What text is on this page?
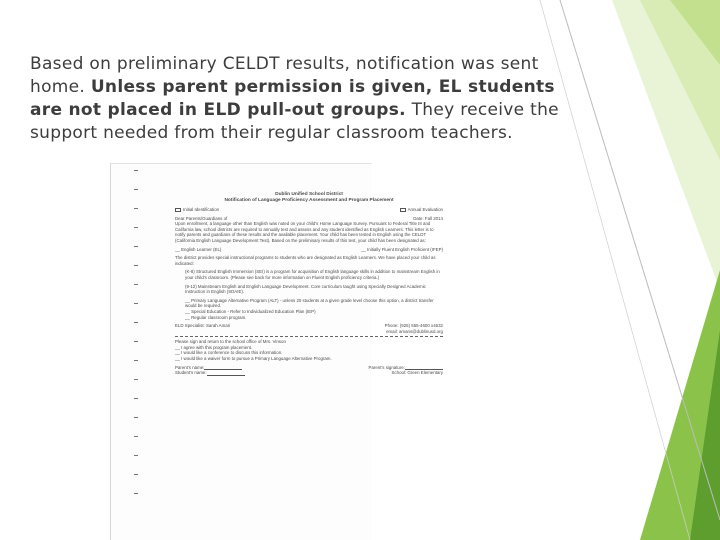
Based on preliminary CELDT results, notification was sent home. Unless parent permission is given, EL students are not placed in ELD pull-out groups. They receive the support needed from their regular classroom teachers.
Dublin Unified School District
Notification of Language Proficiency Assessment and Program Placement
Initial Identification	Annual Evaluation
Dear Parents/Guardians of	Date: Fall 2014
Upon enrollment, a language other than English was noted on your child's Home Language Survey. Pursuant to Federal Title III and California law, school districts are required to annually test and assess and any student identified as English Learners. This letter is to notify parents and guardians of these results and the available placement. Your child has been tested in English using the CELDT (California English Language Development Test). Based on the preliminary results of this test, your child has been designated as:
__ English Learner (EL)	__ Initially Fluent English Proficient (IFEP)
The district provides special instructional programs to students who are designated as English Learners. We have placed your child as indicated:
(K-8) Structured English Immersion (SEI) is a program for acquisition of English language skills in addition to mainstream English in your child's classroom. (Please see back for more information on Fluent English proficiency criteria.)
(9-12) Mainstream English and English Language Development. Core curriculum taught using Specially Designed Academic Instruction in English (SDAIE).
__ Primary Language Alternative Program (ALT) - unless 20 students at a given grade level choose this option, a district transfer would be required.
__ Special Education - Refer to Individualized Education Plan (IEP)
__ Regular classroom program.
ELD Specialist: Sarah Amari	Phone: (925) 555-4600 x4632
email: amaris@dublinusd.org
Please sign and return to the school office of Mrs. Vinson
__ I agree with this program placement.
__ I would like a conference to discuss this information.
__ I would like a waiver form to pursue a Primary Language Alternative Program.
Parent's name:	Parent's signature:
Student's name:	School: Green Elementary
